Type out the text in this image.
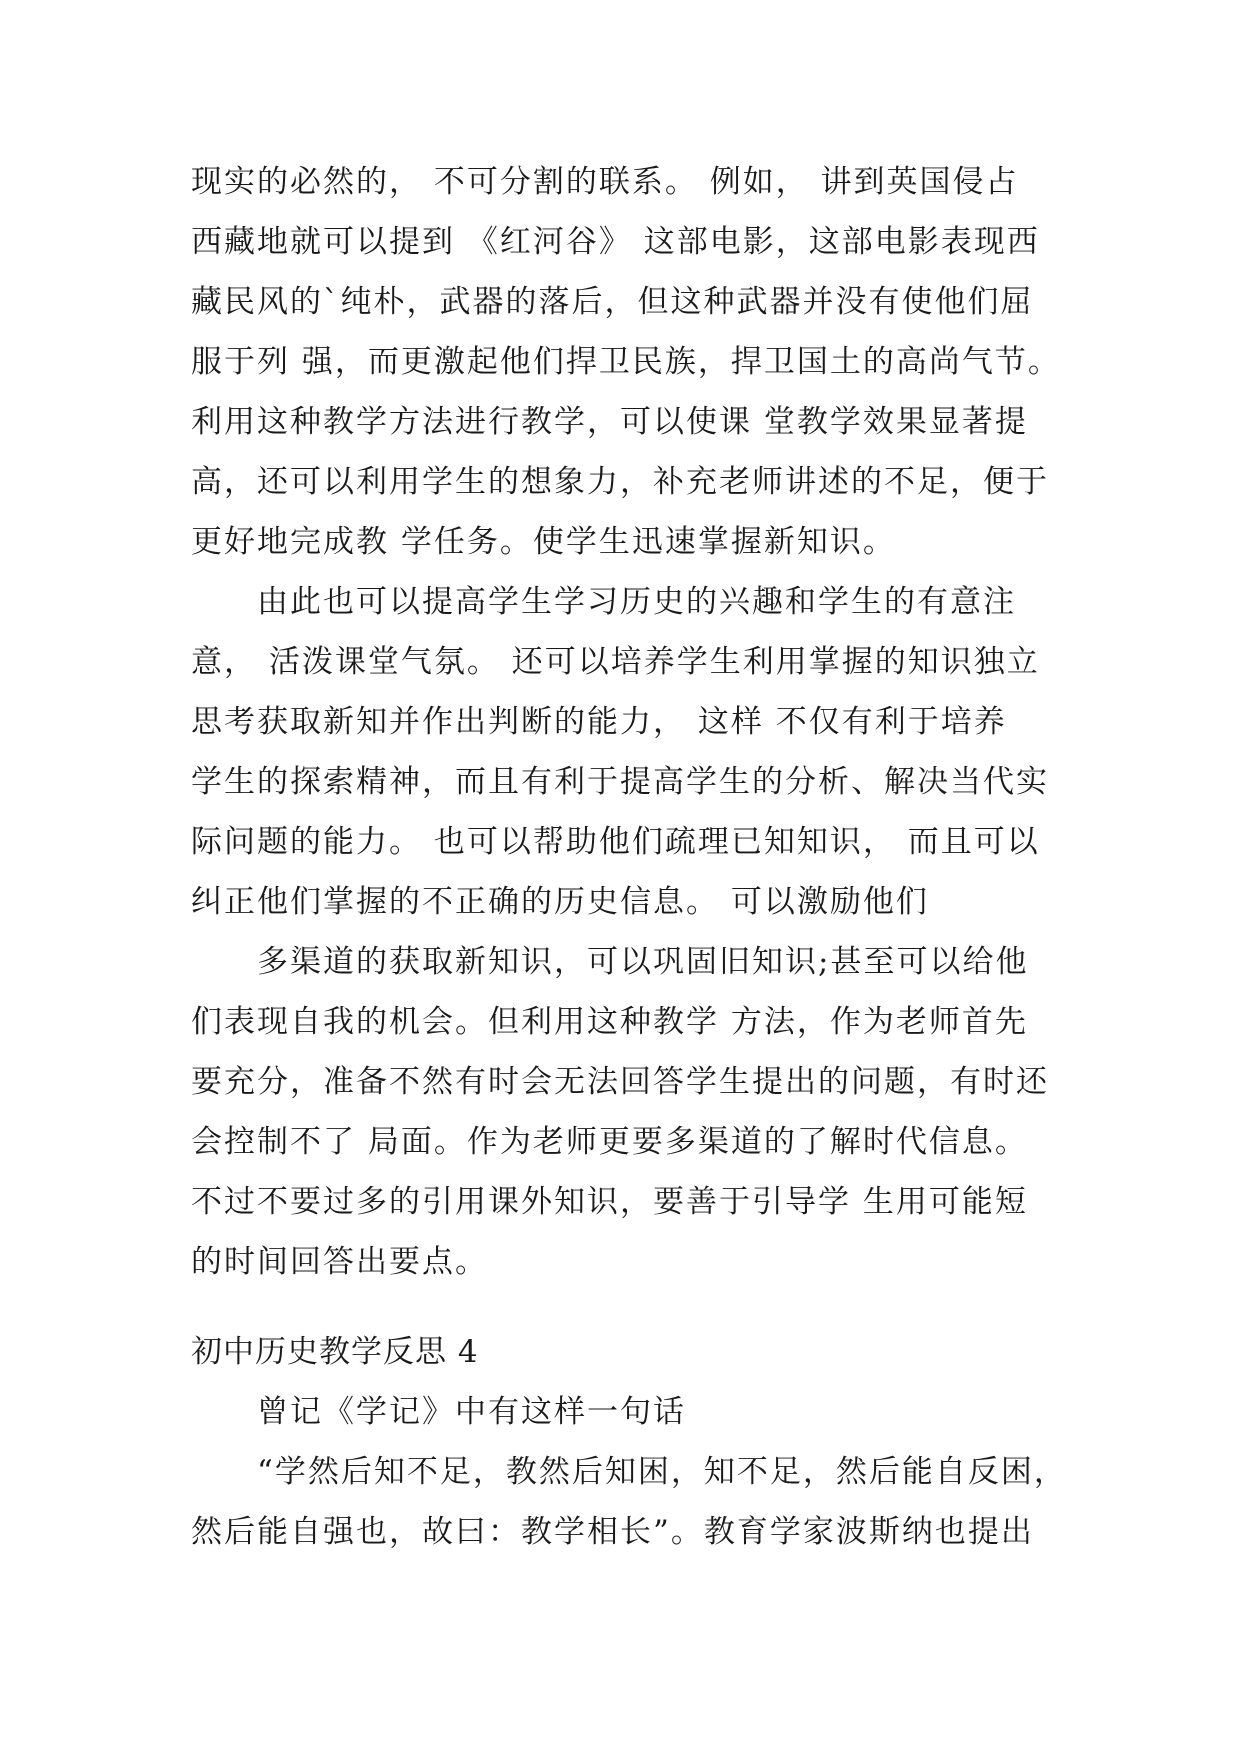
现实的必然的， 不可分割的联系。 例如， 讲到英国侵占
西藏地就可以提到 《红河谷》 这部电影，这部电影表现西
藏民风的`纯朴，武器的落后，但这种武器并没有使他们屈
服于列 强，而更激起他们捍卫民族，捍卫国土的高尚气节。
利用这种教学方法进行教学，可以使课 堂教学效果显著提
高，还可以利用学生的想象力，补充老师讲述的不足，便于
更好地完成教 学任务。使学生迅速掌握新知识。
由此也可以提高学生学习历史的兴趣和学生的有意注
意， 活泼课堂气氛。 还可以培养学生利用掌握的知识独立
思考获取新知并作出判断的能力， 这样 不仅有利于培养
学生的探索精神，而且有利于提高学生的分析、解决当代实
际问题的能力。 也可以帮助他们疏理已知知识， 而且可以
纠正他们掌握的不正确的历史信息。 可以激励他们
多渠道的获取新知识，可以巩固旧知识;甚至可以给他
们表现自我的机会。但利用这种教学 方法，作为老师首先
要充分，准备不然有时会无法回答学生提出的问题，有时还
会控制不了 局面。作为老师更要多渠道的了解时代信息。
不过不要过多的引用课外知识，要善于引导学 生用可能短
的时间回答出要点。
初中历史教学反思 4
曾记《学记》中有这样一句话
“学然后知不足，教然后知困，知不足，然后能自反困，
然后能自强也，故曰：教学相长”。教育学家波斯纳也提出
